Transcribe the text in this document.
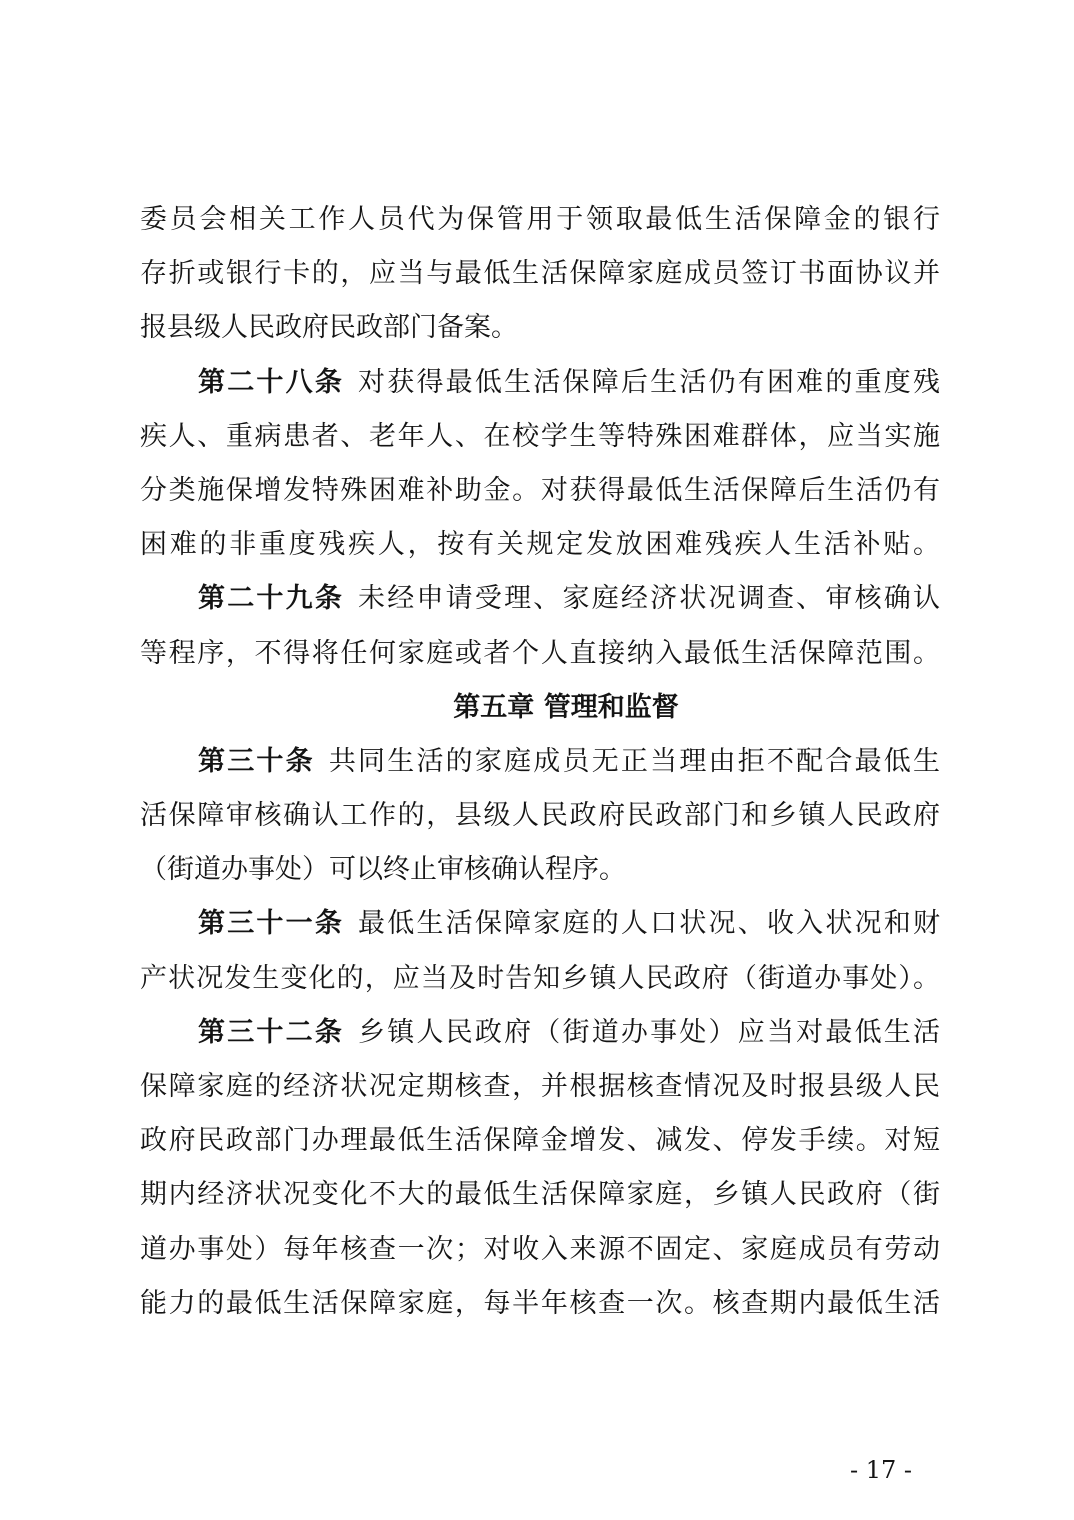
委员会相关工作人员代为保管用于领取最低生活保障金的银行
存折或银行卡的，应当与最低生活保障家庭成员签订书面协议并
报县级人民政府民政部门备案。
第二十八条 对获得最低生活保障后生活仍有困难的重度残
疾人、重病患者、老年人、在校学生等特殊困难群体，应当实施
分类施保增发特殊困难补助金。对获得最低生活保障后生活仍有
困难的非重度残疾人，按有关规定发放困难残疾人生活补贴。
第二十九条 未经申请受理、家庭经济状况调查、审核确认
等程序，不得将任何家庭或者个人直接纳入最低生活保障范围。
第五章 管理和监督
第三十条 共同生活的家庭成员无正当理由拒不配合最低生
活保障审核确认工作的，县级人民政府民政部门和乡镇人民政府
（街道办事处）可以终止审核确认程序。
第三十一条 最低生活保障家庭的人口状况、收入状况和财
产状况发生变化的，应当及时告知乡镇人民政府（街道办事处）。
第三十二条 乡镇人民政府（街道办事处）应当对最低生活
保障家庭的经济状况定期核查，并根据核查情况及时报县级人民
政府民政部门办理最低生活保障金增发、减发、停发手续。对短
期内经济状况变化不大的最低生活保障家庭，乡镇人民政府（街
道办事处）每年核查一次；对收入来源不固定、家庭成员有劳动
能力的最低生活保障家庭，每半年核查一次。核查期内最低生活
- 17 -
